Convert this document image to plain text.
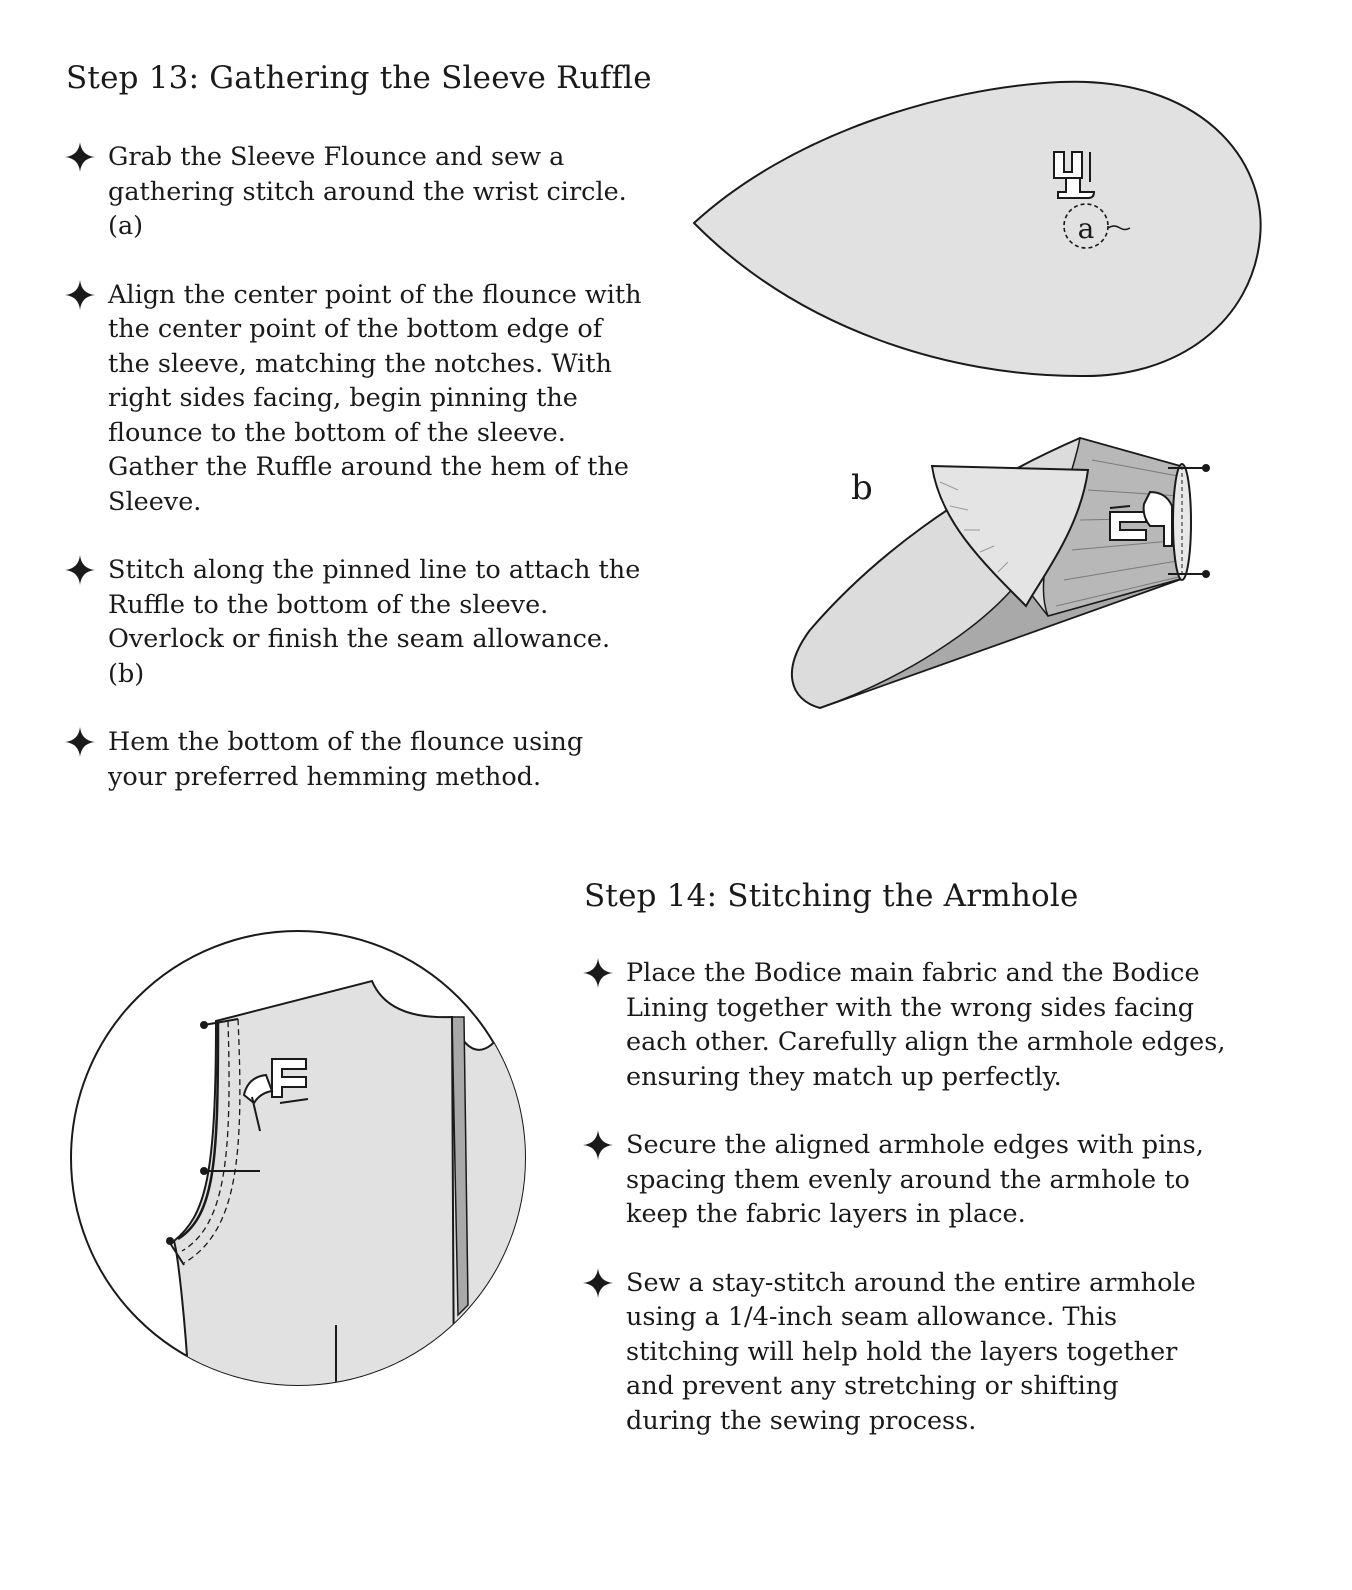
Step 13: Gathering the Sleeve Ruffle

Grab the Sleeve Flounce and sew a gathering stitch around the wrist circle. (a)

Align the center point of the flounce with the center point of the bottom edge of the sleeve, matching the notches. With right sides facing, begin pinning the flounce to the bottom of the sleeve. Gather the Ruffle around the hem of the Sleeve.

Stitch along the pinned line to attach the Ruffle to the bottom of the sleeve. Overlock or finish the seam allowance. (b)

Hem the bottom of the flounce using your preferred hemming method.

a
b
Step 14: Stitching the Armhole

Place the Bodice main fabric and the Bodice Lining together with the wrong sides facing each other. Carefully align the armhole edges, ensuring they match up perfectly.

Secure the aligned armhole edges with pins, spacing them evenly around the armhole to keep the fabric layers in place.

Sew a stay-stitch around the entire armhole using a 1/4-inch seam allowance. This stitching will help hold the layers together and prevent any stretching or shifting during the sewing process.
